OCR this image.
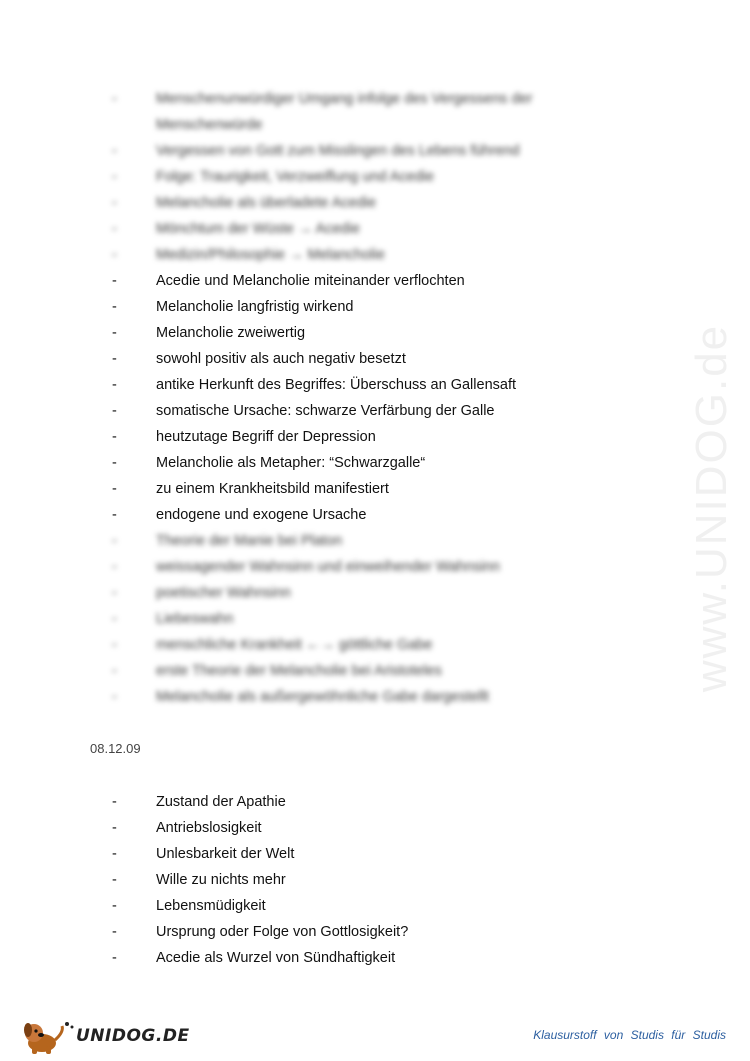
www.UNIDOG.de
-	Menschenunwürdiger Umgang infolge des Vergessens der
Menschenwürde
-	Vergessen von Gott zum Misslingen des Lebens führend
-	Folge: Traurigkeit, Verzweiflung und Acedie
-	Melancholie als überladete Acedie
-	Mönchtum der Wüste → Acedie
-	Medizin/Philosophie → Melancholie
-	Acedie und Melancholie miteinander verflochten
-	Melancholie langfristig wirkend
-	Melancholie zweiwertig
-	sowohl positiv als auch negativ besetzt
-	antike Herkunft des Begriffes: Überschuss an Gallensaft
-	somatische Ursache: schwarze Verfärbung der Galle
-	heutzutage Begriff der Depression
-	Melancholie als Metapher: “Schwarzgalle“
-	zu einem Krankheitsbild manifestiert
-	endogene und exogene Ursache
-	Theorie der Manie bei Platon
-	weissagender Wahnsinn und einweihender Wahnsinn
-	poetischer Wahnsinn
-	Liebeswahn
-	menschliche Krankheit ←→ göttliche Gabe
-	erste Theorie der Melancholie bei Aristoteles
-	Melancholie als außergewöhnliche Gabe dargestellt
08.12.09
-	Zustand der Apathie
-	Antriebslosigkeit
-	Unlesbarkeit der Welt
-	Wille zu nichts mehr
-	Lebensmüdigkeit
-	Ursprung oder Folge von Gottlosigkeit?
-	Acedie als Wurzel von Sündhaftigkeit
UNIDOG.DE	Klausurstoff von Studis für Studis
